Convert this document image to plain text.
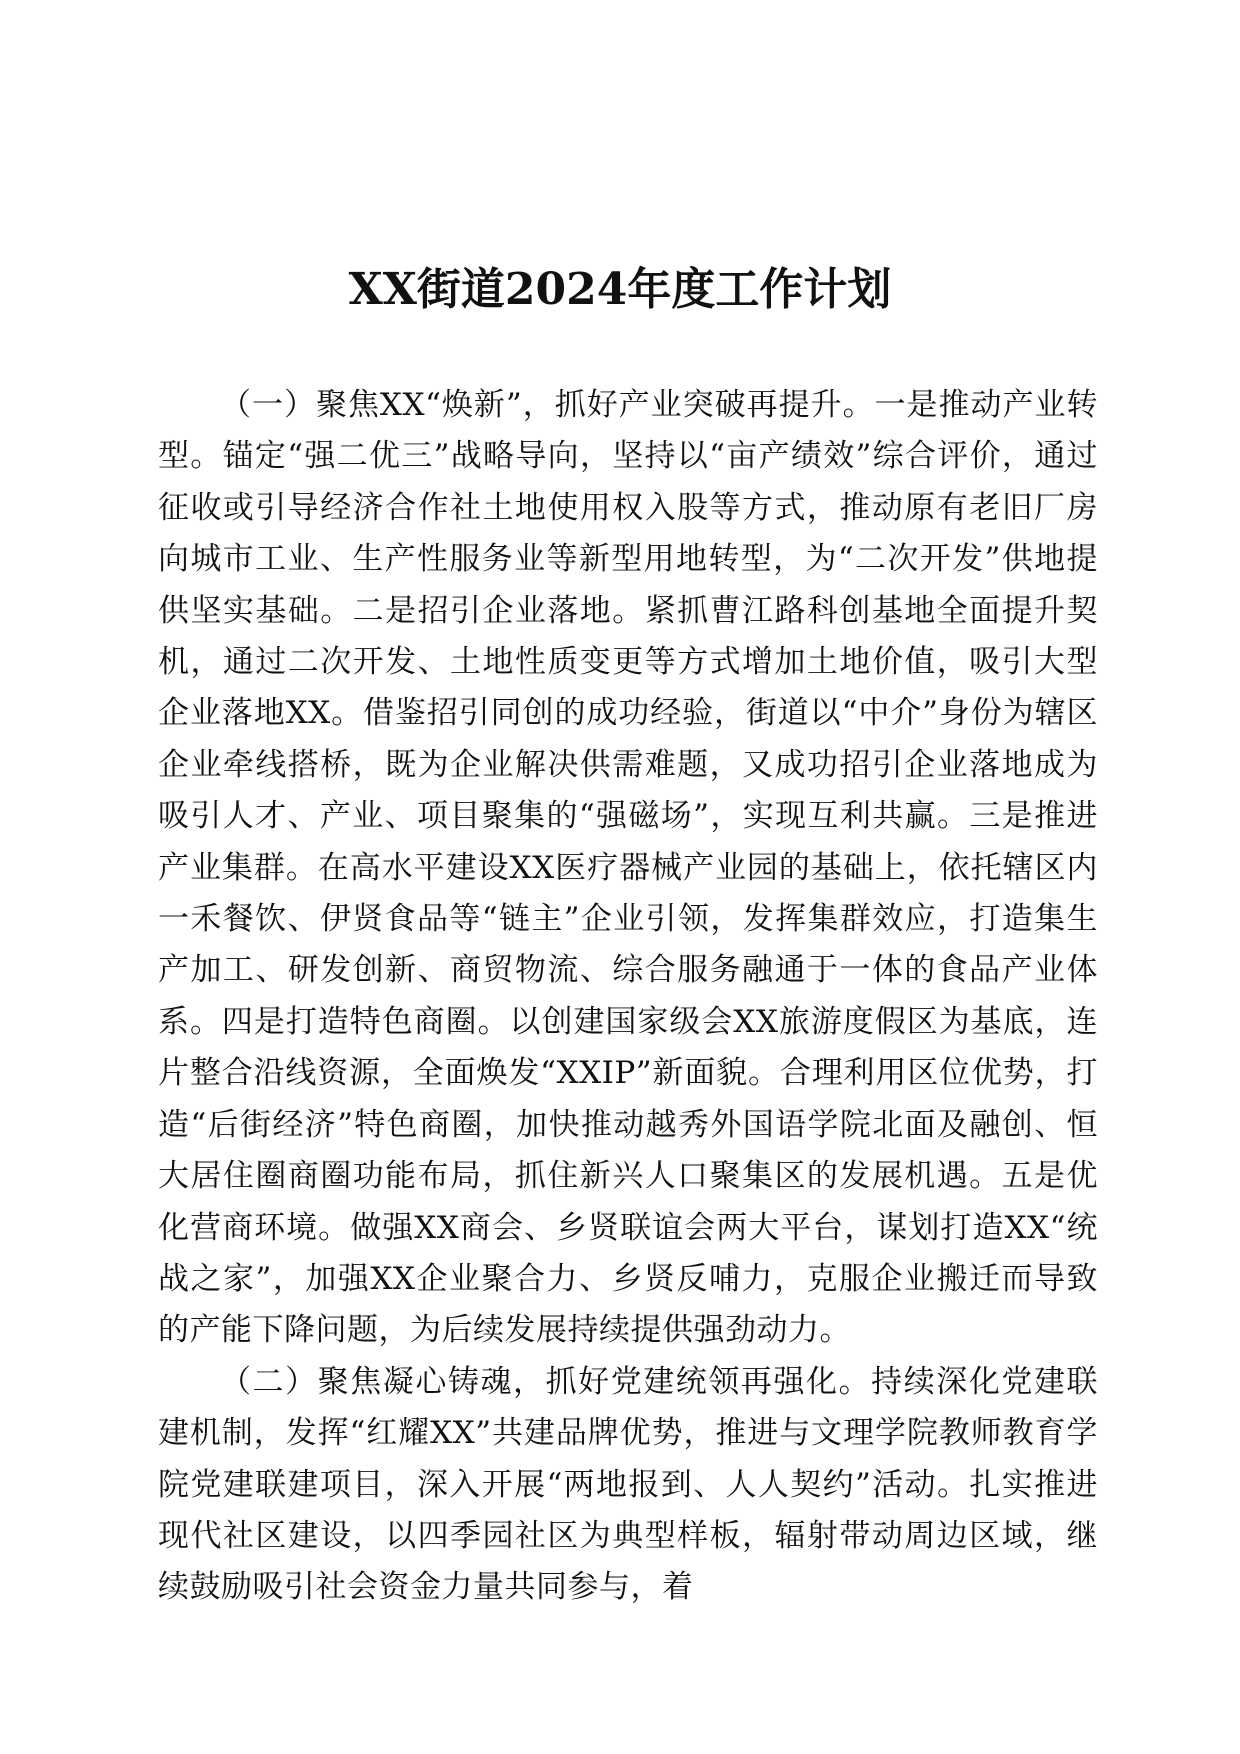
XX街道2024年度工作计划

（一）聚焦XX“焕新”，抓好产业突破再提升。一是推动产业转型。锚定“强二优三”战略导向，坚持以“亩产绩效”综合评价，通过征收或引导经济合作社土地使用权入股等方式，推动原有老旧厂房向城市工业、生产性服务业等新型用地转型，为“二次开发”供地提供坚实基础。二是招引企业落地。紧抓曹江路科创基地全面提升契机，通过二次开发、土地性质变更等方式增加土地价值，吸引大型企业落地XX。借鉴招引同创的成功经验，街道以“中介”身份为辖区企业牵线搭桥，既为企业解决供需难题，又成功招引企业落地成为吸引人才、产业、项目聚集的“强磁场”，实现互利共赢。三是推进产业集群。在高水平建设XX医疗器械产业园的基础上，依托辖区内一禾餐饮、伊贤食品等“链主”企业引领，发挥集群效应，打造集生产加工、研发创新、商贸物流、综合服务融通于一体的食品产业体系。四是打造特色商圈。以创建国家级会XX旅游度假区为基底，连片整合沿线资源，全面焕发“XXIP”新面貌。合理利用区位优势，打造“后街经济”特色商圈，加快推动越秀外国语学院北面及融创、恒大居住圈商圈功能布局，抓住新兴人口聚集区的发展机遇。五是优化营商环境。做强XX商会、乡贤联谊会两大平台，谋划打造XX“统战之家”，加强XX企业聚合力、乡贤反哺力，克服企业搬迁而导致的产能下降问题，为后续发展持续提供强劲动力。

（二）聚焦凝心铸魂，抓好党建统领再强化。持续深化党建联建机制，发挥“红耀XX”共建品牌优势，推进与文理学院教师教育学院党建联建项目，深入开展“两地报到、人人契约”活动。扎实推进现代社区建设，以四季园社区为典型样板，辐射带动周边区域，继续鼓励吸引社会资金力量共同参与，着
